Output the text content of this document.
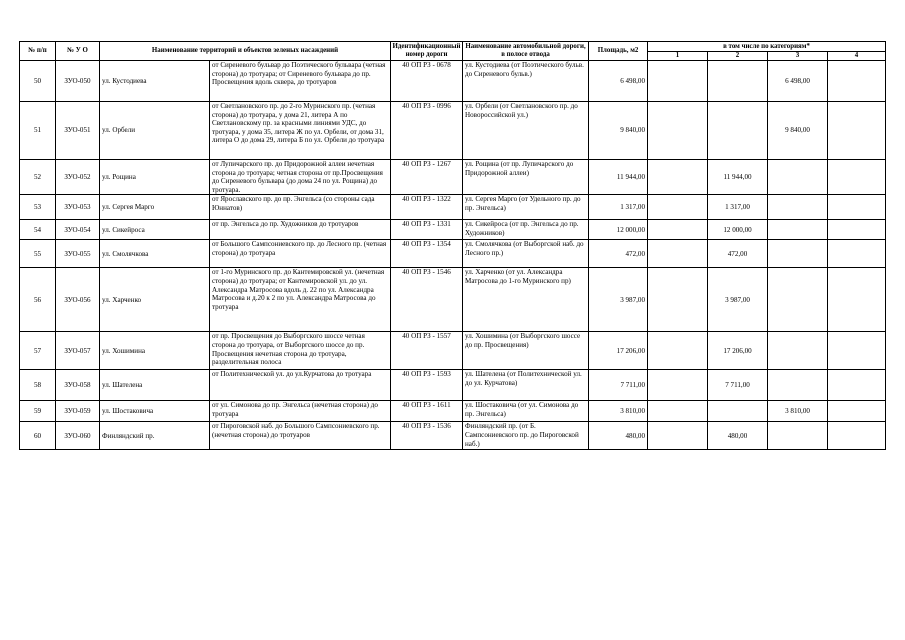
№ п/п	№ У О	Наименование территорий и объектов зеленых насаждений		Идентификационный номер дороги	Наименование автомобильной дороги, в полосе отвода	Площадь, м2	в том числе по категориям*			
							1	2	3	4
50	ЗУО-050	ул. Кустодиева	от Сиреневого бульвар до Поэтического бульвара (четная сторона) до тротуара; от Сиреневого бульвара до пр. Просвещения вдоль сквера, до тротуаров	40 ОП РЗ - 0678	ул. Кустодиева (от Поэтического бульв. до Сиреневого бульв.)	6 498,00			6 498,00	
51	ЗУО-051	ул. Орбели	от Светлановского пр. до 2-го Муринского пр. (четная сторона) до тротуара, у дома 21, литера А по Светлановскому пр. за красными линиями УДС, до тротуара, у дома 35, литера Ж по ул. Орбели, от дома 31, литера О до дома 29, литера Б по ул. Орбели до тротуара	40 ОП РЗ - 0996	ул. Орбели (от Светлановского пр. до Новороссийской ул.)	9 840,00			9 840,00	
52	ЗУО-052	ул. Рощина	от Лупичарского пр. до Придорожной аллеи нечетная сторона до тротуара; четная сторона от пр.Просвещения до Сиреневого бульвара (до дома 24 по ул. Рощина) до тротуара.	40 ОП РЗ - 1267	ул. Рощина (от пр. Лупичарского до Придорожной аллеи)	11 944,00		11 944,00		
53	ЗУО-053	ул. Сергея Марго	от Ярославского пр. до пр. Энгельса (со стороны сада Юннатов)	40 ОП РЗ - 1322	ул. Сергея Марго (от Удельного пр. до пр. Энгельса)	1 317,00		1 317,00		
54	ЗУО-054	ул. Сикейроса	от пр. Энгельса до пр. Художников до тротуаров	40 ОП РЗ - 1331	ул. Сикейроса (от пр. Энгельса до пр. Художников)	12 000,00		12 000,00		
55	ЗУО-055	ул. Смолячкова	от Большого Сампсониевского пр. до Лесного пр. (четная сторона) до тротуара	40 ОП РЗ - 1354	ул. Смолячкова (от Выборгской наб. до Лесного пр.)	472,00		472,00		
56	ЗУО-056	ул. Харченко	от 1-го Муринского пр. до Кантемировской ул. (нечетная сторона) до тротуара; от Кантемировской ул. до ул. Александра Матросова вдоль д. 22 по ул. Александра Матросова и д.20 к 2 по ул. Александра Матросова до тротуара	40 ОП РЗ - 1546	ул. Харченко (от ул. Александра Матросова до 1-го Муринского пр)	3 987,00		3 987,00		
57	ЗУО-057	ул. Хошимина	от пр. Просвещения до Выборгского шоссе четная сторона до тротуара, от Выборгского шоссе до пр. Просвещения нечетная сторона до тротуара, разделительная полоса	40 ОП РЗ - 1557	ул. Хошимина (от Выборгского шоссе до пр. Просвещения)	17 206,00		17 206,00		
58	ЗУО-058	ул. Шателена	от Политехнической ул. до ул.Курчатова до тротуара	40 ОП РЗ - 1593	ул. Шателена (от Политехнической ул. до ул. Курчатова)	7 711,00		7 711,00		
59	ЗУО-059	ул. Шостаковича	от ул. Симонова до пр. Энгельса (нечетная сторона) до тротуара	40 ОП РЗ - 1611	ул. Шостаковича (от ул. Симонова до пр. Энгельса)	3 810,00			3 810,00	
60	ЗУО-060	Финляндский пр.	от Пироговской наб. до Большого Сампсониевского пр. (нечетная сторона) до тротуаров	40 ОП РЗ - 1536	Финляндский пр. (от Б. Сампсониевского пр. до Пироговской наб.)	480,00		480,00		
